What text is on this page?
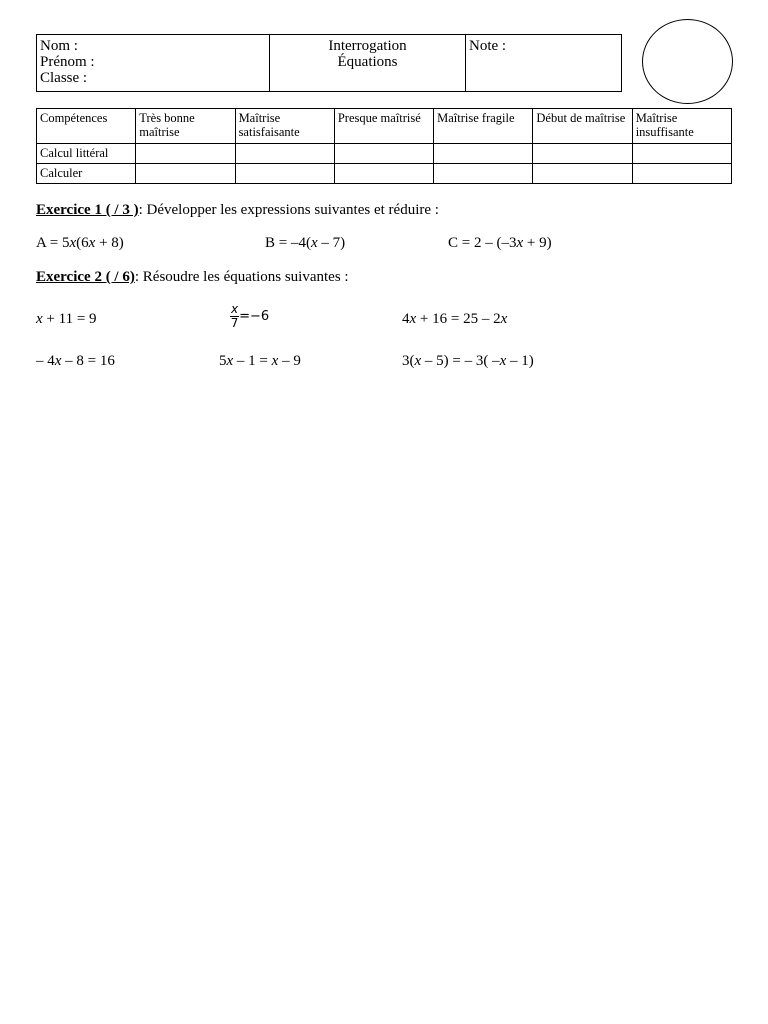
Nom :
Prénom :
Classe :

Interrogation
Équations

Note :
Compétences	Très bonne maîtrise	Maîtrise satisfaisante	Presque maîtrisé	Maîtrise fragile	Début de maîtrise	Maîtrise insuffisante
Calcul littéral						
Calculer						
Exercice 1 ( / 3 ): Développer les expressions suivantes et réduire :
A = 5x(6x + 8)	B = –4(x – 7)	C = 2 – (–3x + 9)
Exercice 2 ( / 6): Résoudre les équations suivantes :
x + 11 = 9	$\frac{x}{7} =-6$	4x + 16 = 25 – 2x
– 4x – 8 = 16	5x – 1 = x – 9	3(x – 5) = – 3( –x – 1)
